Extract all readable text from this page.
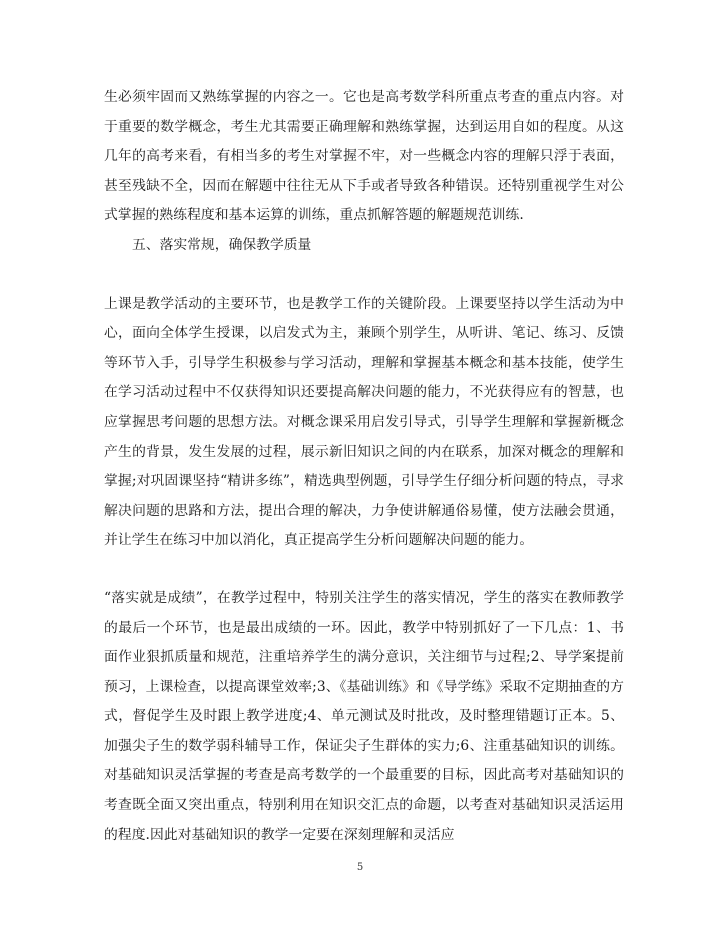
生必须牢固而又熟练掌握的内容之一。它也是高考数学科所重点考查的重点内容。对于重要的数学概念，考生尤其需要正确理解和熟练掌握，达到运用自如的程度。从这几年的高考来看，有相当多的考生对掌握不牢，对一些概念内容的理解只浮于表面，甚至残缺不全，因而在解题中往往无从下手或者导致各种错误。还特别重视学生对公式掌握的熟练程度和基本运算的训练，重点抓解答题的解题规范训练.

五、落实常规，确保教学质量

上课是教学活动的主要环节，也是教学工作的关键阶段。上课要坚持以学生活动为中心，面向全体学生授课，以启发式为主，兼顾个别学生，从听讲、笔记、练习、反馈等环节入手，引导学生积极参与学习活动，理解和掌握基本概念和基本技能，使学生在学习活动过程中不仅获得知识还要提高解决问题的能力，不光获得应有的智慧，也应掌握思考问题的思想方法。对概念课采用启发引导式，引导学生理解和掌握新概念产生的背景，发生发展的过程，展示新旧知识之间的内在联系，加深对概念的理解和掌握;对巩固课坚持“精讲多练”，精选典型例题，引导学生仔细分析问题的特点，寻求解决问题的思路和方法，提出合理的解决，力争使讲解通俗易懂，使方法融会贯通，并让学生在练习中加以消化，真正提高学生分析问题解决问题的能力。

“落实就是成绩”，在教学过程中，特别关注学生的落实情况，学生的落实在教师教学的最后一个环节，也是最出成绩的一环。因此，教学中特别抓好了一下几点：1、书面作业狠抓质量和规范，注重培养学生的满分意识，关注细节与过程;2、导学案提前预习，上课检查，以提高课堂效率;3、《基础训练》和《导学练》采取不定期抽查的方式，督促学生及时跟上教学进度;4、单元测试及时批改，及时整理错题订正本。5、加强尖子生的数学弱科辅导工作，保证尖子生群体的实力;6、注重基础知识的训练。对基础知识灵活掌握的考查是高考数学的一个最重要的目标，因此高考对基础知识的考查既全面又突出重点，特别利用在知识交汇点的命题，以考查对基础知识灵活运用的程度.因此对基础知识的教学一定要在深刻理解和灵活应

5
